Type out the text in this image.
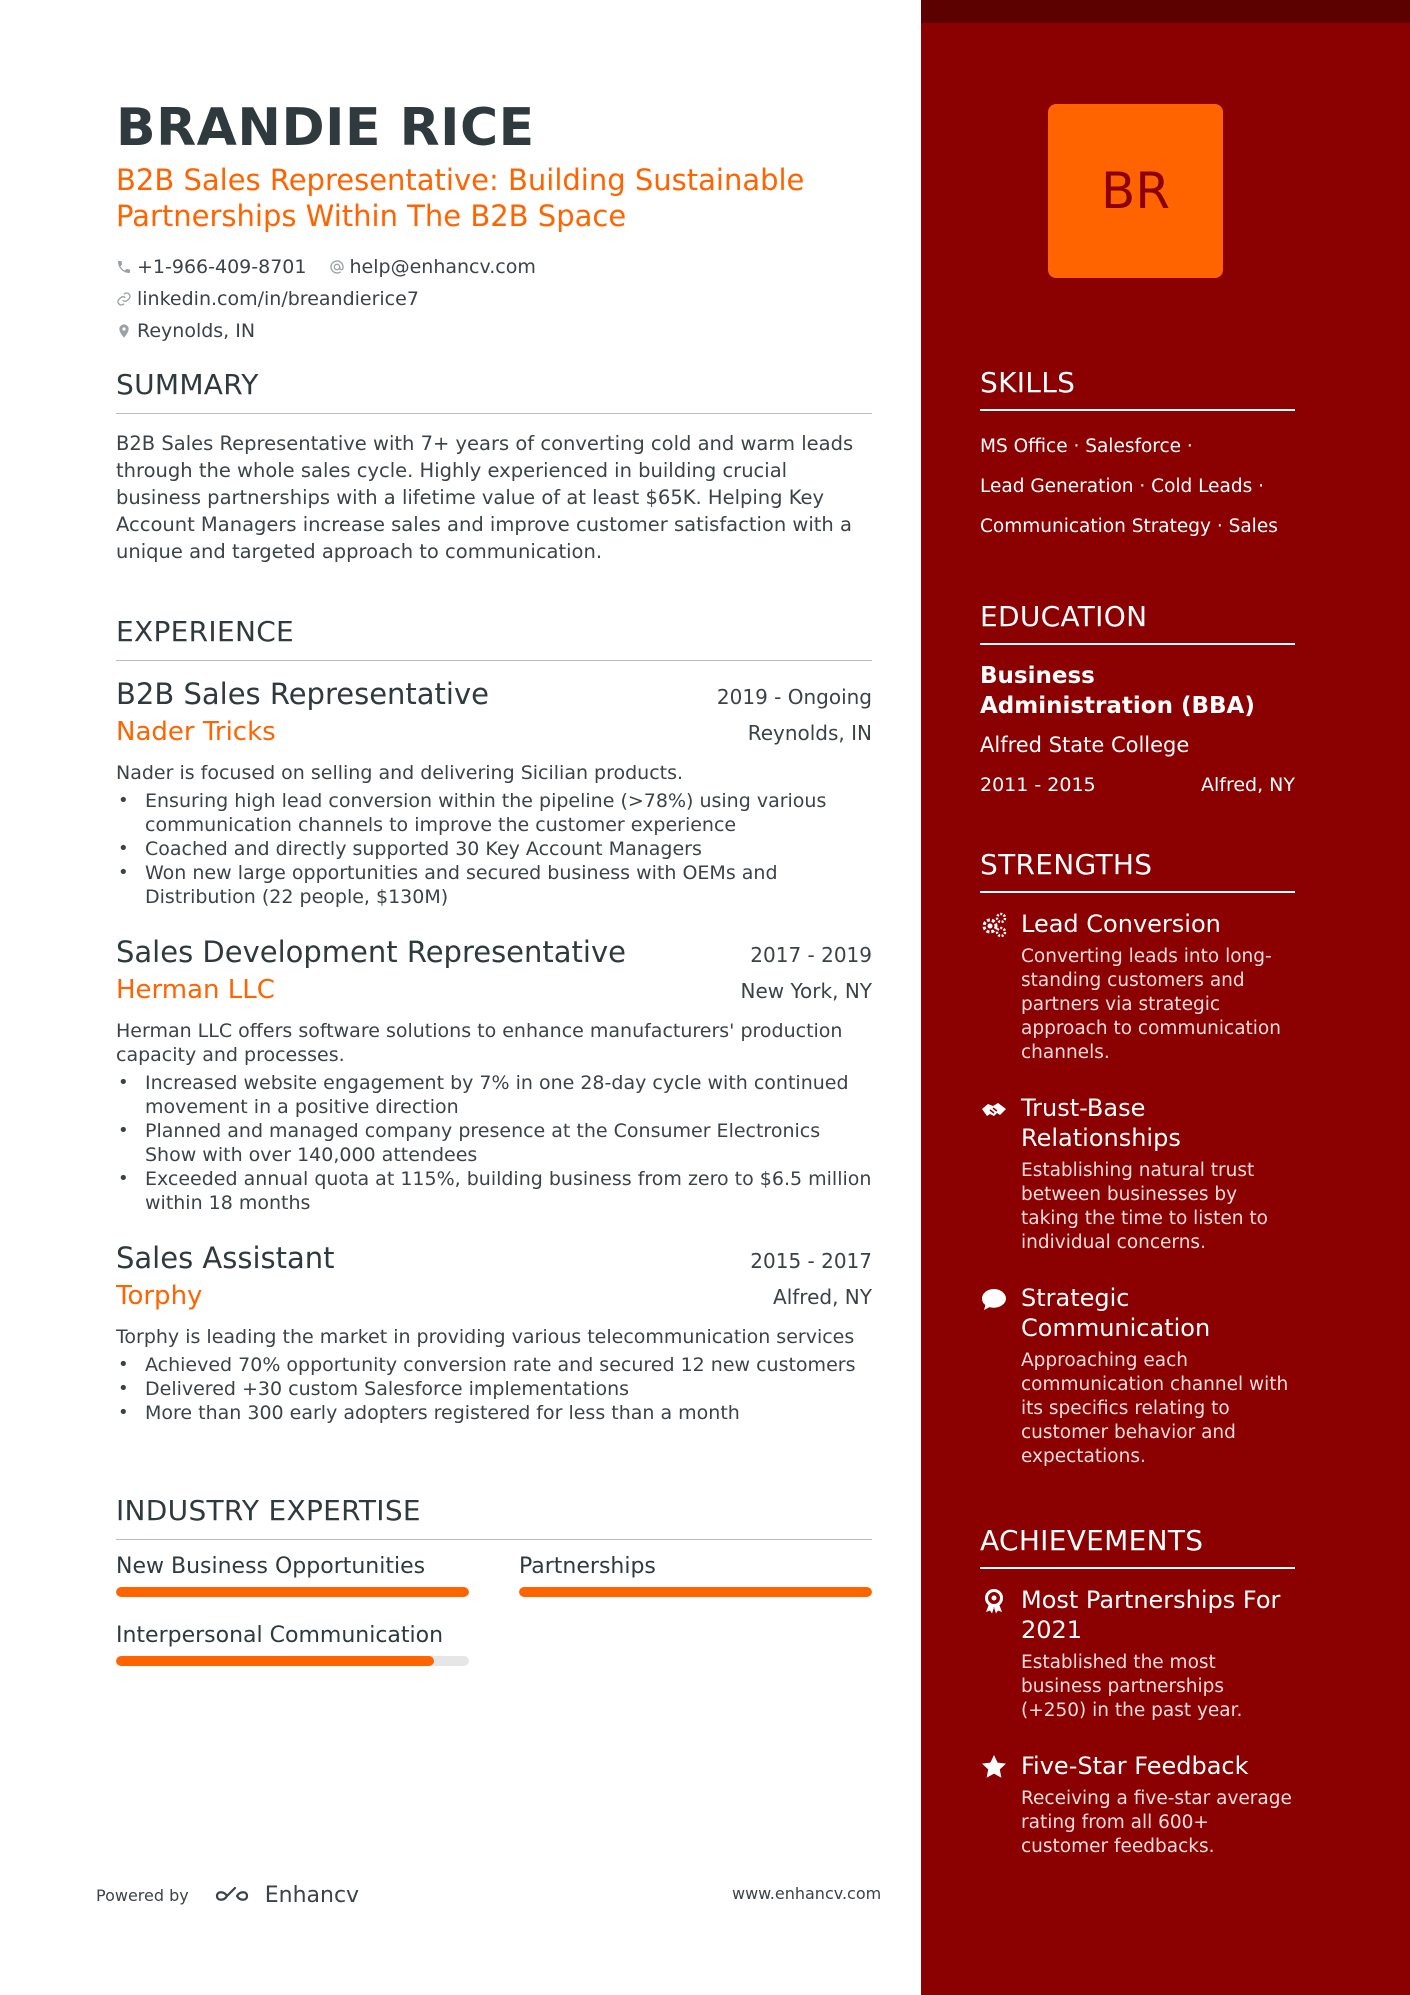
BRANDIE RICE
B2B Sales Representative: Building Sustainable Partnerships Within The B2B Space
+1-966-409-8701
help@enhancv.com

linkedin.com/in/breandierice7

Reynolds, IN
SUMMARY
B2B Sales Representative with 7+ years of converting cold and warm leads through the whole sales cycle. Highly experienced in building crucial business partnerships with a lifetime value of at least $65K. Helping Key Account Managers increase sales and improve customer satisfaction with a unique and targeted approach to communication.
EXPERIENCE
B2B Sales Representative	2019 - Ongoing
Nader Tricks	Reynolds, IN
Nader is focused on selling and delivering Sicilian products.
• Ensuring high lead conversion within the pipeline (>78%) using various communication channels to improve the customer experience
• Coached and directly supported 30 Key Account Managers
• Won new large opportunities and secured business with OEMs and Distribution (22 people, $130M)
Sales Development Representative	2017 - 2019
Herman LLC	New York, NY
Herman LLC offers software solutions to enhance manufacturers' production capacity and processes.
• Increased website engagement by 7% in one 28-day cycle with continued movement in a positive direction
• Planned and managed company presence at the Consumer Electronics Show with over 140,000 attendees
• Exceeded annual quota at 115%, building business from zero to $6.5 million within 18 months
Sales Assistant	2015 - 2017
Torphy	Alfred, NY
Torphy is leading the market in providing various telecommunication services
• Achieved 70% opportunity conversion rate and secured 12 new customers
• Delivered +30 custom Salesforce implementations
• More than 300 early adopters registered for less than a month
INDUSTRY EXPERTISE
New Business Opportunities	Partnerships
Interpersonal Communication
Powered by	Enhancv	www.enhancv.com
BR
SKILLS
MS Office · Salesforce ·
Lead Generation · Cold Leads ·
Communication Strategy · Sales
EDUCATION
Business Administration (BBA)
Alfred State College
2011 - 2015	Alfred, NY
STRENGTHS
Lead Conversion
Converting leads into long-standing customers and partners via strategic approach to communication channels.
Trust-Base Relationships
Establishing natural trust between businesses by taking the time to listen to individual concerns.
Strategic Communication
Approaching each communication channel with its specifics relating to customer behavior and expectations.
ACHIEVEMENTS
Most Partnerships For 2021
Established the most business partnerships (+250) in the past year.
Five-Star Feedback
Receiving a five-star average rating from all 600+ customer feedbacks.
